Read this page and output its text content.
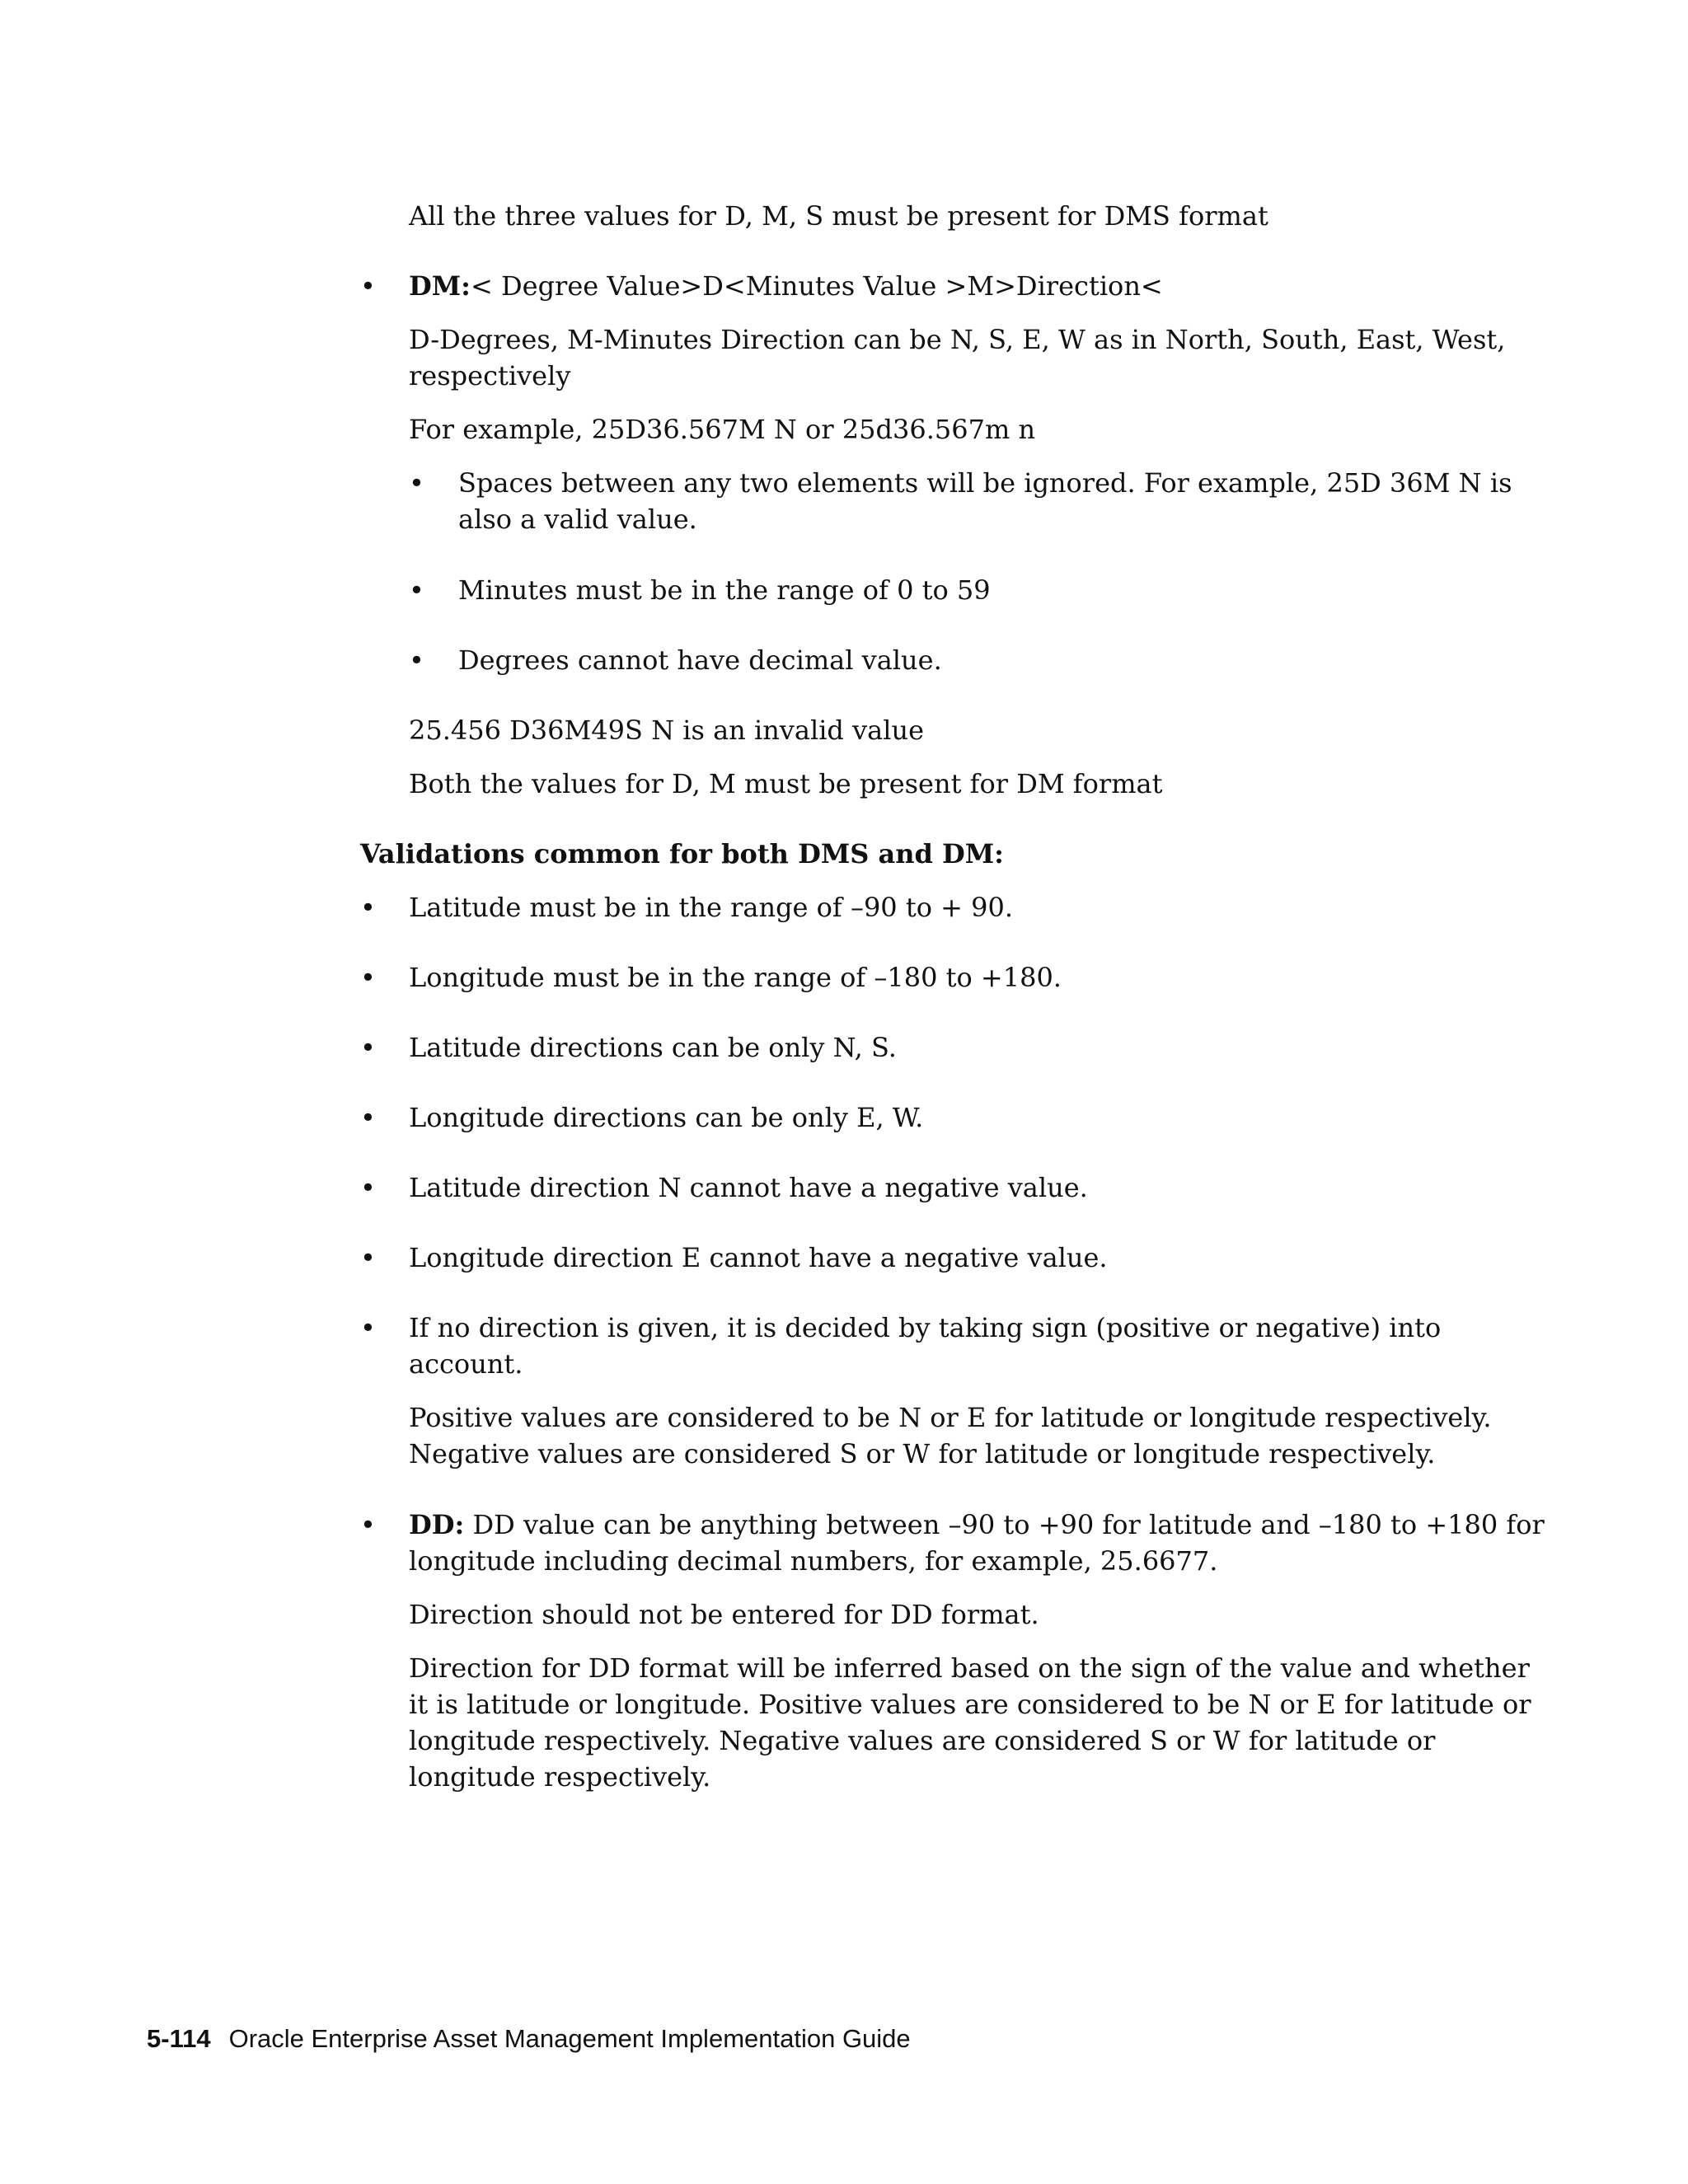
All the three values for D, M, S must be present for DMS format
• DM:< Degree Value>D<Minutes Value >M>Direction<
D-Degrees, M-Minutes Direction can be N, S, E, W as in North, South, East, West,
respectively
For example, 25D36.567M N or 25d36.567m n
• Spaces between any two elements will be ignored. For example, 25D 36M N is
also a valid value.
• Minutes must be in the range of 0 to 59
• Degrees cannot have decimal value.
25.456 D36M49S N is an invalid value
Both the values for D, M must be present for DM format
Validations common for both DMS and DM:
• Latitude must be in the range of –90 to + 90.
• Longitude must be in the range of –180 to +180.
• Latitude directions can be only N, S.
• Longitude directions can be only E, W.
• Latitude direction N cannot have a negative value.
• Longitude direction E cannot have a negative value.
• If no direction is given, it is decided by taking sign (positive or negative) into
account.
Positive values are considered to be N or E for latitude or longitude respectively.
Negative values are considered S or W for latitude or longitude respectively.
• DD: DD value can be anything between –90 to +90 for latitude and –180 to +180 for
longitude including decimal numbers, for example, 25.6677.
Direction should not be entered for DD format.
Direction for DD format will be inferred based on the sign of the value and whether
it is latitude or longitude. Positive values are considered to be N or E for latitude or
longitude respectively. Negative values are considered S or W for latitude or
longitude respectively.
5-114 Oracle Enterprise Asset Management Implementation Guide
